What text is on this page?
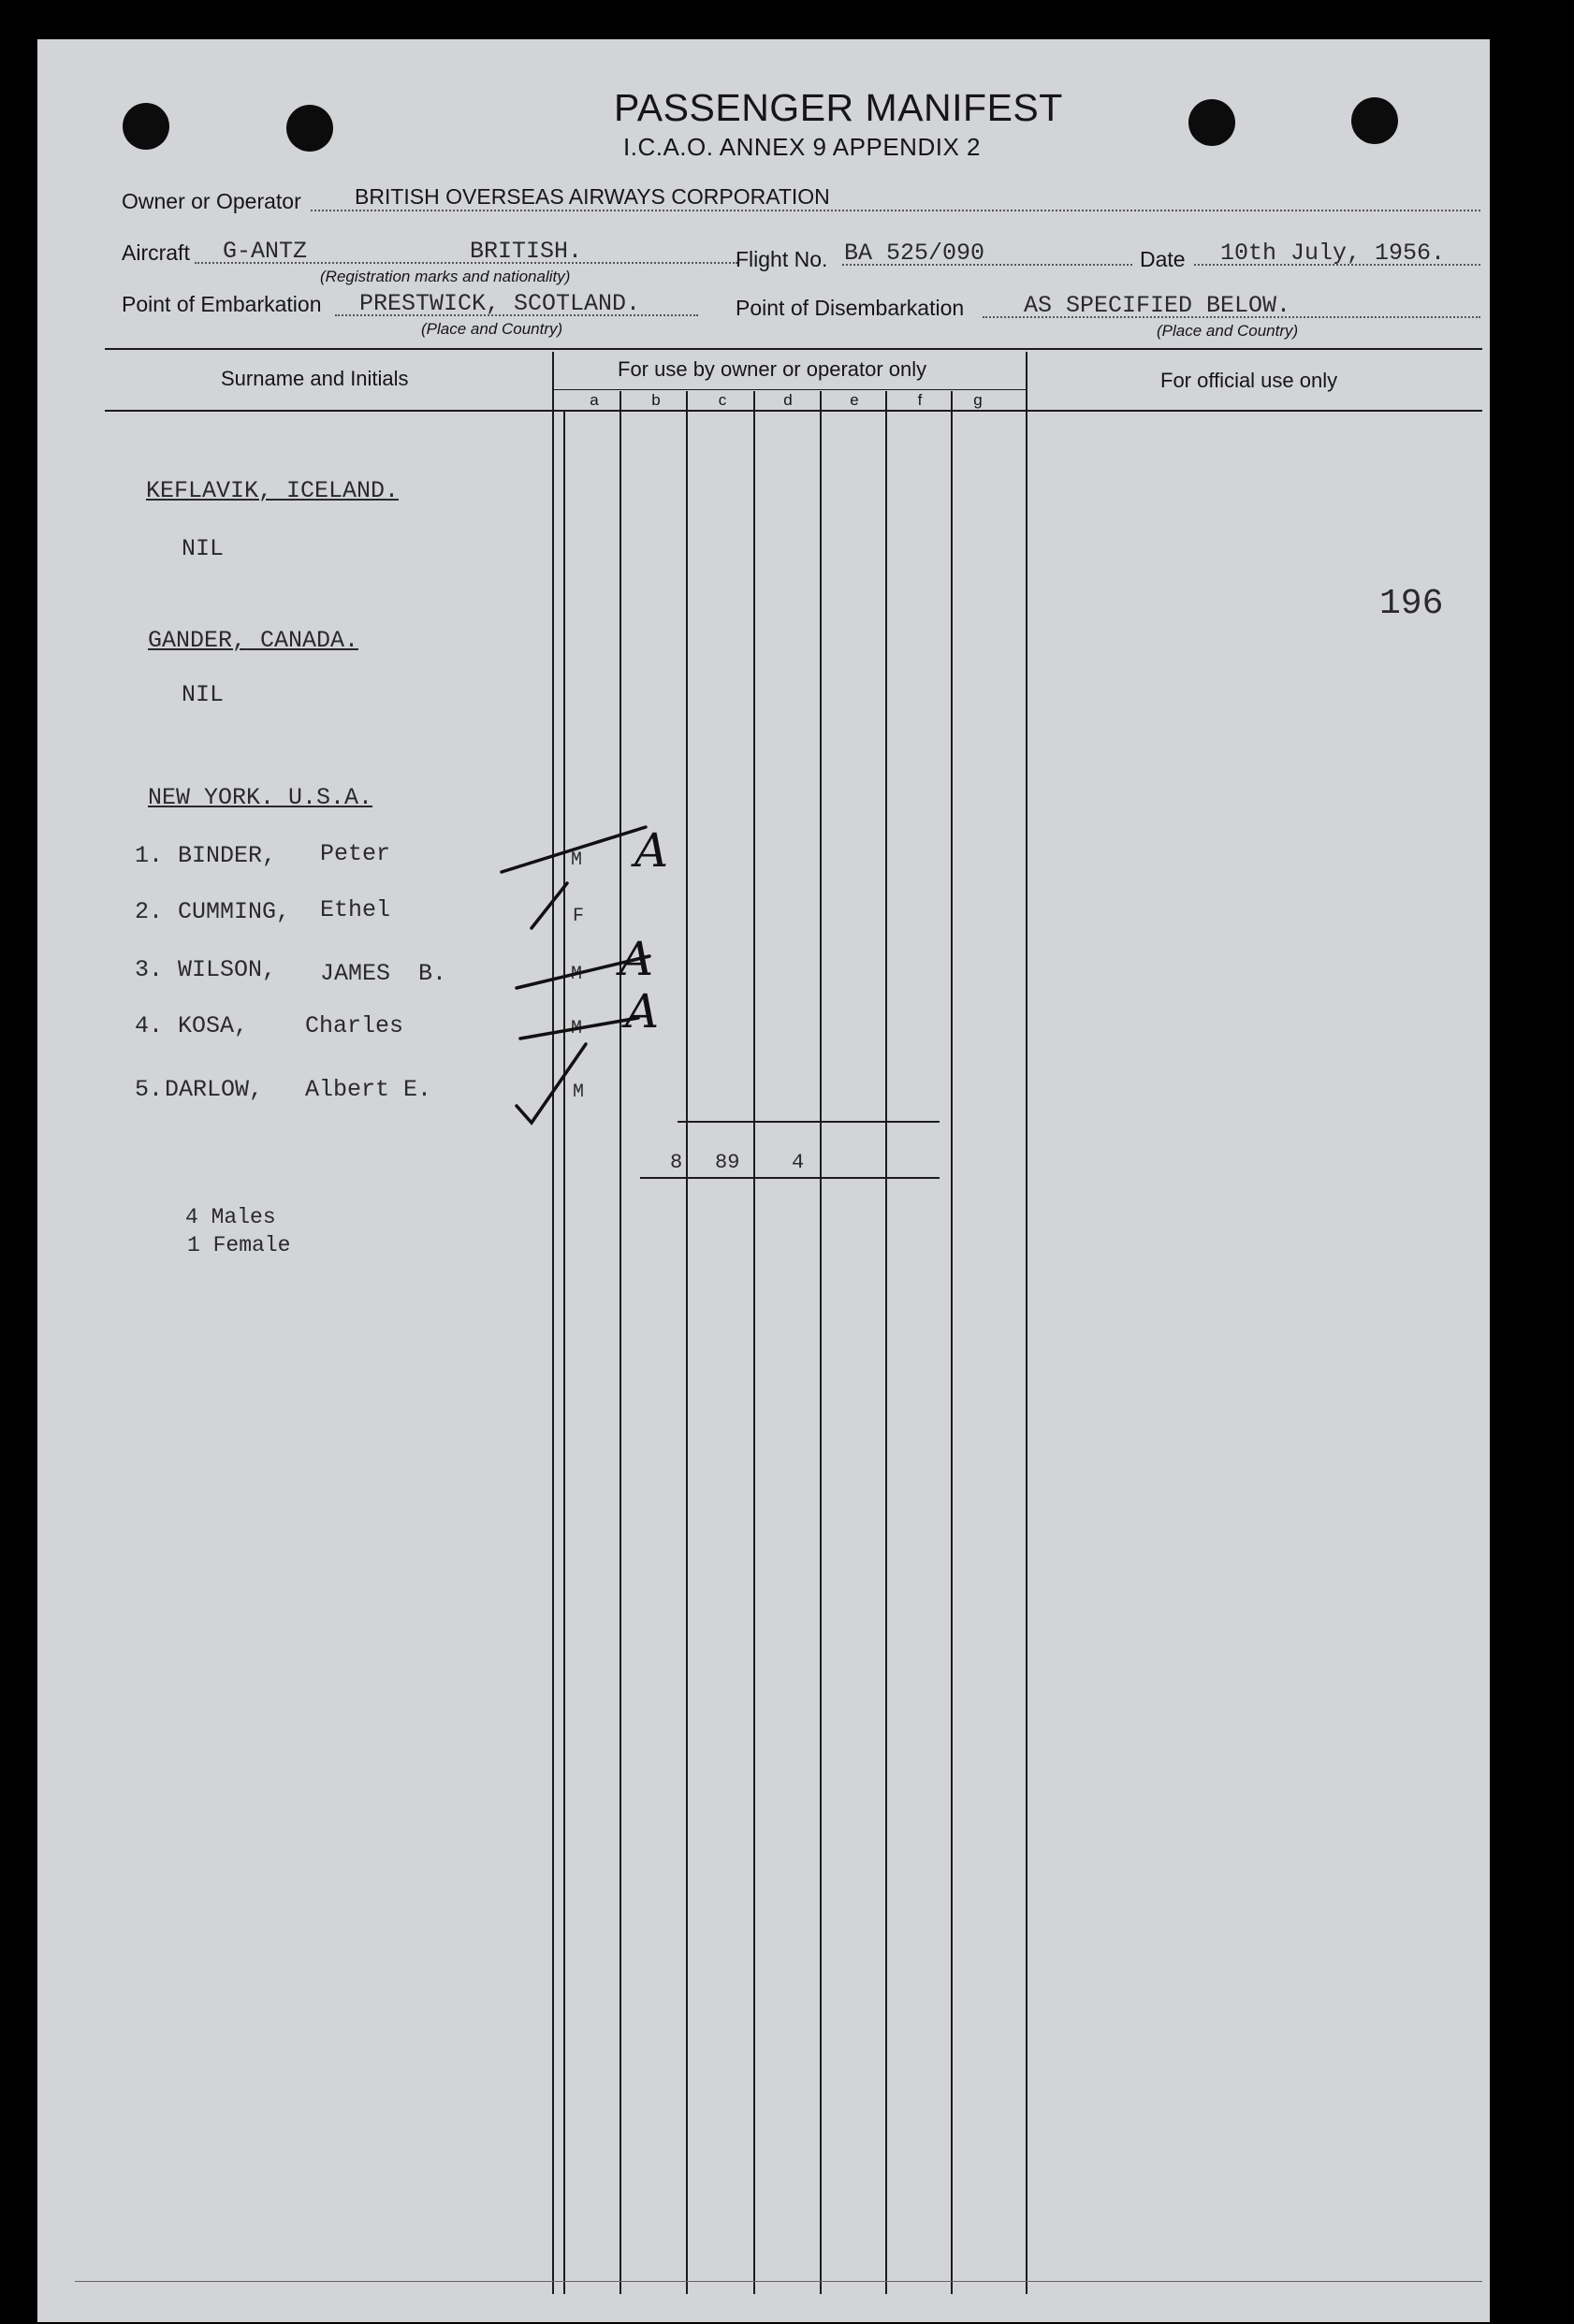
PASSENGER MANIFEST
I.C.A.O. ANNEX 9 APPENDIX 2
Owner or Operator BRITISH OVERSEAS AIRWAYS CORPORATION
Aircraft G-ANTZ	BRITISH.	Flight No. BA 525/090	Date 10th July, 1956.
(Registration marks and nationality)
Point of Embarkation PRESTWICK, SCOTLAND.	Point of Disembarkation	AS SPECIFIED BELOW.
(Place and Country)	(Place and Country)
Surname and Initials	For use by owner or operator only	For official use only
a	b	c	d	e	f	g
KEFLAVIK, ICELAND.
NIL
GANDER, CANADA.
NIL
NEW YORK. U.S.A.
1. BINDER, Peter	M A
2. CUMMING, Ethel	F
3. WILSON, JAMES  B.	M A
4. KOSA, Charles	M A
5. DARLOW, Albert E.	M
8 89	4
4 Males
1 Female
196
